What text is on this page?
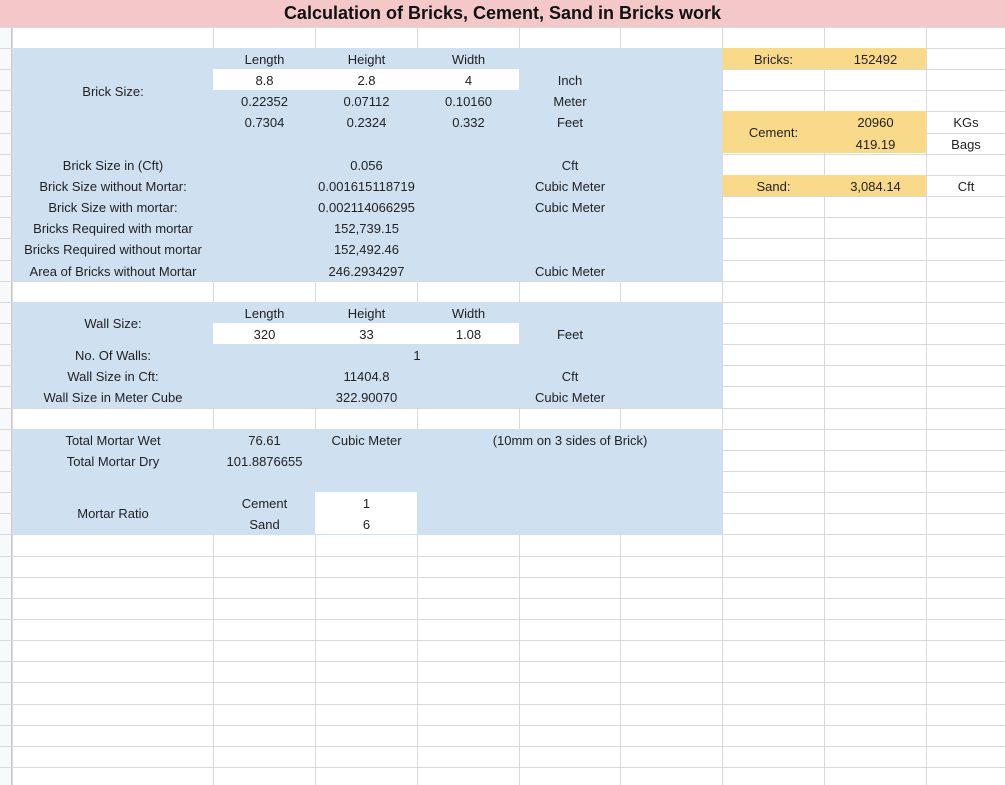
Calculation of Bricks, Cement, Sand in Bricks work
Brick Size:
Length	Height	Width
8.8	2.8	4	Inch
0.22352	0.07112	0.10160	Meter
0.7304	0.2324	0.332	Feet
Brick Size in (Cft)	0.056	Cft
Brick Size without Mortar:	0.001615118719	Cubic Meter
Brick Size with mortar:	0.002114066295	Cubic Meter
Bricks Required with mortar	152,739.15
Bricks Required without mortar	152,492.46
Area of Bricks without Mortar	246.2934297	Cubic Meter
Wall Size:
Length	Height	Width
320	33	1.08	Feet
No. Of Walls:	1
Wall Size in Cft:	11404.8	Cft
Wall Size in Meter Cube	322.90070	Cubic Meter
Total Mortar Wet	76.61	Cubic Meter	(10mm on 3 sides of Brick)
Total Mortar Dry	101.8876655
Mortar Ratio
Cement	1
Sand	6
Bricks:	152492
Cement:
20960	KGs
419.19	Bags
Sand:	3,084.14	Cft
